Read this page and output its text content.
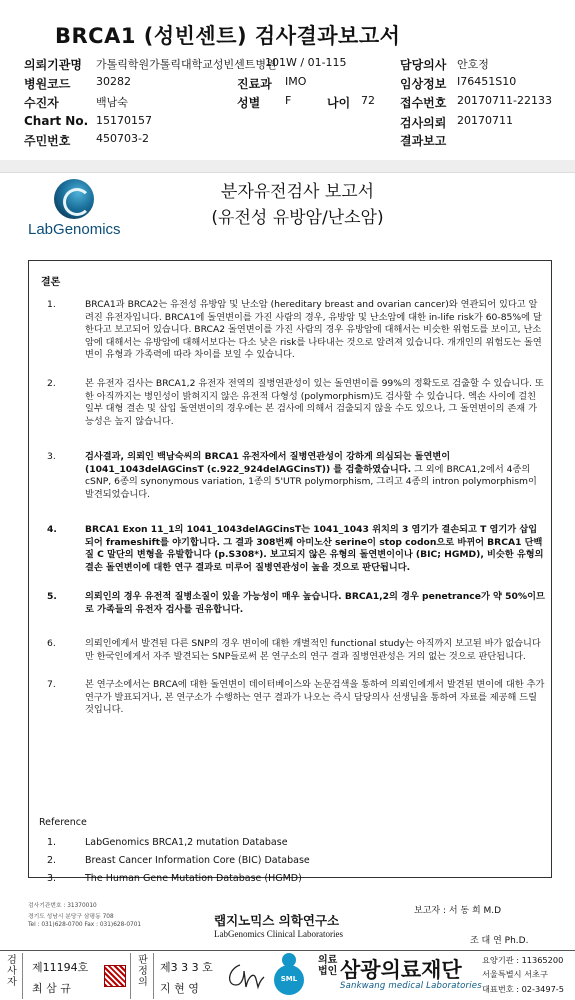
BRCA1 (성빈센트) 검사결과보고서
의뢰기관명 가톨릭학원가톨릭대학교성빈센트병원
101W / 01-115	담당의사 안호정
병원코드 30282	진료과 IMO	임상정보 I76451S10
수진자	백남숙	성별 F	나이 72 접수번호 20170711-22133
Chart No. 15170157	검사의뢰 20170711
주민번호 450703-2	결과보고
LabGenomics
분자유전검사 보고서
(유전성 유방암/난소암)
결론
1.	BRCA1과 BRCA2는 유전성 유방암 및 난소암 (hereditary breast and ovarian cancer)와 연관되어 있다고 알려진 유전자입니다. BRCA1에 돌연변이를 가진 사람의 경우, 유방암 및 난소암에 대한 in-life risk가 60-85%에 달한다고 보고되어 있습니다. BRCA2 돌연변이를 가진 사람의 경우 유방암에 대해서는 비슷한 위험도를 보이고, 난소암에 대해서는 유방암에 대해서보다는 다소 낮은 risk를 나타내는 것으로 알려져 있습니다. 개개인의 위험도는 돌연변이 유형과 가족력에 따라 차이를 보일 수 있습니다.
2.	본 유전자 검사는 BRCA1,2 유전자 전역의 질병연관성이 있는 돌연변이를 99%의 정확도로 검출할 수 있습니다. 또한 아직까지는 병인성이 밝혀지지 않은 유전적 다형성 (polymorphism)도 검사할 수 있습니다. 엑손 사이에 걸친 일부 대형 결손 및 삽입 돌연변이의 경우에는 본 검사에 의해서 검출되지 않을 수도 있으나, 그 돌연변이의 존재 가능성은 높지 않습니다.
3.	검사결과, 의뢰인 백남숙씨의 BRCA1 유전자에서 질병연관성이 강하게 의심되는 돌연변이 (1041_1043delAGCinsT (c.922_924delAGCinsT)) 를 검출하였습니다. 그 외에 BRCA1,2에서 4종의 cSNP, 6종의 synonymous variation, 1종의 5'UTR polymorphism, 그리고 4종의 intron polymorphism이 발견되었습니다.
4.	BRCA1 Exon 11_1의 1041_1043delAGCinsT는 1041_1043 위치의 3 염기가 결손되고 T 염기가 삽입되어 frameshift를 야기합니다. 그 결과 308번째 아미노산 serine이 stop codon으로 바뀌어 BRCA1 단백질 C 말단의 변형을 유발합니다 (p.S308*). 보고되지 않은 유형의 돌연변이이나 (BIC; HGMD), 비슷한 유형의 결손 돌연변이에 대한 연구 결과로 미루어 질병연관성이 높을 것으로 판단됩니다.
5.	의뢰인의 경우 유전적 질병소질이 있을 가능성이 매우 높습니다. BRCA1,2의 경우 penetrance가 약 50%이므로 가족들의 유전자 검사를 권유합니다.
6.	의뢰인에게서 발견된 다른 SNP의 경우 변이에 대한 개별적인 functional study는 아직까지 보고된 바가 없습니다만 한국인에게서 자주 발견되는 SNP들로써 본 연구소의 연구 결과 질병연관성은 거의 없는 것으로 판단됩니다.
7.	본 연구소에서는 BRCA에 대한 돌연변이 데이터베이스와 논문검색을 통하여 의뢰인에게서 발견된 변이에 대한 추가 연구가 발표되거나, 본 연구소가 수행하는 연구 결과가 나오는 즉시 담당의사 선생님을 통하여 자료를 제공해 드릴 것입니다.
Reference
1.	LabGenomics BRCA1,2 mutation Database
2.	Breast Cancer Information Core (BIC) Database
3.	The Human Gene Mutation Database (HGMD)
검사기관번호 : 31370010
경기도 성남시 분당구 삼평동 708
Tel : 031)628-0700 Fax : 031)628-0701	랩지노믹스 의학연구소
LabGenomics Clinical Laboratories
보고자 : 서 동 희 M.D
조 대 연 Ph.D.
검사자
제11194호
최 삼 규
판정의
제3 3 3 호
지 현 영
SML
의료법인 삼광의료재단
Sankwang medical Laboratories
요양기관 : 11365200
서울특별시 서초구
대표번호 : 02-3497-5
